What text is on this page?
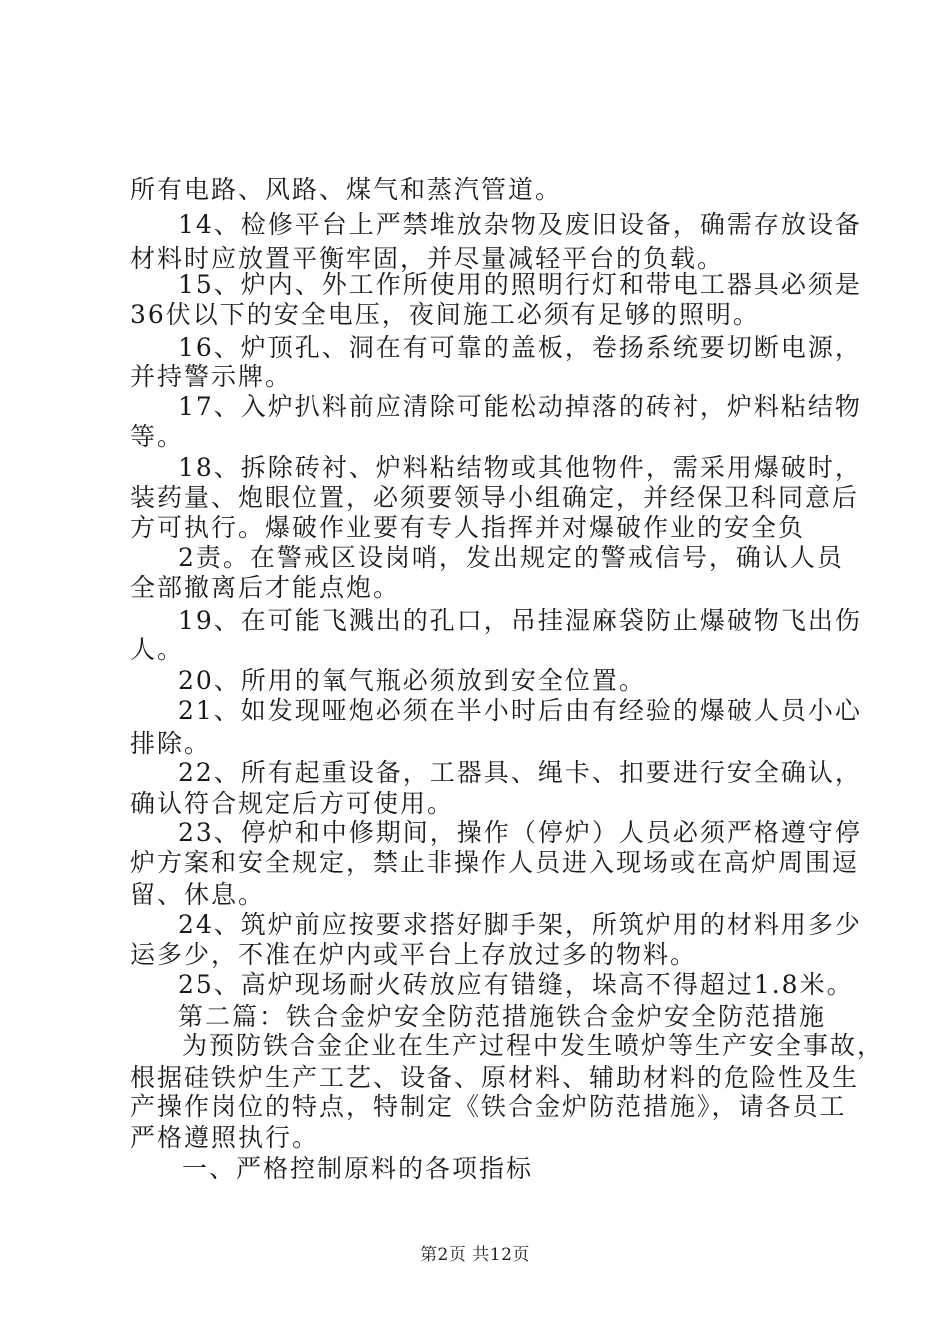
所有电路、风路、煤气和蒸汽管道。
14、检修平台上严禁堆放杂物及废旧设备，确需存放设备
材料时应放置平衡牢固，并尽量减轻平台的负载。
15、炉内、外工作所使用的照明行灯和带电工器具必须是
36伏以下的安全电压，夜间施工必须有足够的照明。
16、炉顶孔、洞在有可靠的盖板，卷扬系统要切断电源，
并持警示牌。
17、入炉扒料前应清除可能松动掉落的砖衬，炉料粘结物
等。
18、拆除砖衬、炉料粘结物或其他物件，需采用爆破时，
装药量、炮眼位置，必须要领导小组确定，并经保卫科同意后
方可执行。爆破作业要有专人指挥并对爆破作业的安全负
2责。在警戒区设岗哨，发出规定的警戒信号，确认人员
全部撤离后才能点炮。
19、在可能飞溅出的孔口，吊挂湿麻袋防止爆破物飞出伤
人。
20、所用的氧气瓶必须放到安全位置。
21、如发现哑炮必须在半小时后由有经验的爆破人员小心
排除。
22、所有起重设备，工器具、绳卡、扣要进行安全确认，
确认符合规定后方可使用。
23、停炉和中修期间，操作（停炉）人员必须严格遵守停
炉方案和安全规定，禁止非操作人员进入现场或在高炉周围逗
留、休息。
24、筑炉前应按要求搭好脚手架，所筑炉用的材料用多少
运多少，不准在炉内或平台上存放过多的物料。
25、高炉现场耐火砖放应有错缝，垛高不得超过1.8米。
第二篇：铁合金炉安全防范措施铁合金炉安全防范措施
为预防铁合金企业在生产过程中发生喷炉等生产安全事故，
根据硅铁炉生产工艺、设备、原材料、辅助材料的危险性及生
产操作岗位的特点，特制定《铁合金炉防范措施》，请各员工
严格遵照执行。
一、严格控制原料的各项指标
第2页 共12页
